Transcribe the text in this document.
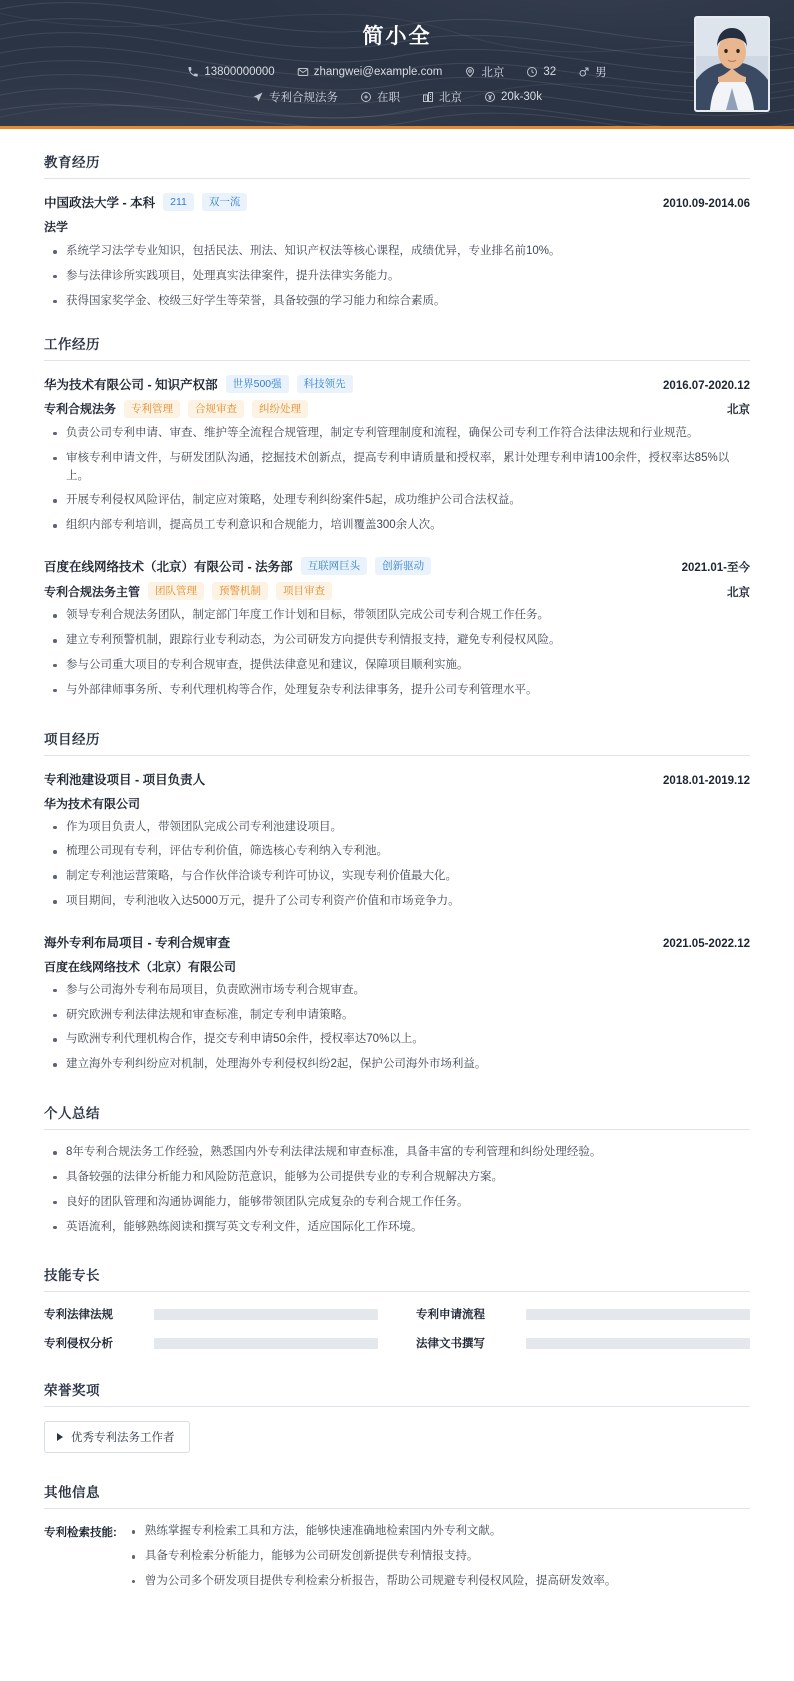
简小全
13800000000	zhangwei@example.com	北京	32	男
专利合规法务	在职	北京	20k-30k
教育经历
中国政法大学 - 本科	211	双一流	2010.09-2014.06
法学
系统学习法学专业知识，包括民法、刑法、知识产权法等核心课程，成绩优异，专业排名前10%。
参与法律诊所实践项目，处理真实法律案件，提升法律实务能力。
获得国家奖学金、校级三好学生等荣誉，具备较强的学习能力和综合素质。
工作经历
华为技术有限公司 - 知识产权部	世界500强	科技领先	2016.07-2020.12
专利合规法务	专利管理	合规审查	纠纷处理	北京
负责公司专利申请、审查、维护等全流程合规管理，制定专利管理制度和流程，确保公司专利工作符合法律法规和行业规范。
审核专利申请文件，与研发团队沟通，挖掘技术创新点，提高专利申请质量和授权率，累计处理专利申请100余件，授权率达85%以上。
开展专利侵权风险评估，制定应对策略，处理专利纠纷案件5起，成功维护公司合法权益。
组织内部专利培训，提高员工专利意识和合规能力，培训覆盖300余人次。
百度在线网络技术（北京）有限公司 - 法务部	互联网巨头	创新驱动	2021.01-至今
专利合规法务主管	团队管理	预警机制	项目审查	北京
领导专利合规法务团队，制定部门年度工作计划和目标，带领团队完成公司专利合规工作任务。
建立专利预警机制，跟踪行业专利动态，为公司研发方向提供专利情报支持，避免专利侵权风险。
参与公司重大项目的专利合规审查，提供法律意见和建议，保障项目顺利实施。
与外部律师事务所、专利代理机构等合作，处理复杂专利法律事务，提升公司专利管理水平。
项目经历
专利池建设项目 - 项目负责人	2018.01-2019.12
华为技术有限公司
作为项目负责人，带领团队完成公司专利池建设项目。
梳理公司现有专利，评估专利价值，筛选核心专利纳入专利池。
制定专利池运营策略，与合作伙伴洽谈专利许可协议，实现专利价值最大化。
项目期间，专利池收入达5000万元，提升了公司专利资产价值和市场竞争力。
海外专利布局项目 - 专利合规审查	2021.05-2022.12
百度在线网络技术（北京）有限公司
参与公司海外专利布局项目，负责欧洲市场专利合规审查。
研究欧洲专利法律法规和审查标准，制定专利申请策略。
与欧洲专利代理机构合作，提交专利申请50余件，授权率达70%以上。
建立海外专利纠纷应对机制，处理海外专利侵权纠纷2起，保护公司海外市场利益。
个人总结
8年专利合规法务工作经验，熟悉国内外专利法律法规和审查标准，具备丰富的专利管理和纠纷处理经验。
具备较强的法律分析能力和风险防范意识，能够为公司提供专业的专利合规解决方案。
良好的团队管理和沟通协调能力，能够带领团队完成复杂的专利合规工作任务。
英语流利，能够熟练阅读和撰写英文专利文件，适应国际化工作环境。
技能专长
专利法律法规	专利申请流程
专利侵权分析	法律文书撰写
荣誉奖项
优秀专利法务工作者
其他信息
专利检索技能:	熟练掌握专利检索工具和方法，能够快速准确地检索国内外专利文献。
具备专利检索分析能力，能够为公司研发创新提供专利情报支持。
曾为公司多个研发项目提供专利检索分析报告，帮助公司规避专利侵权风险，提高研发效率。
